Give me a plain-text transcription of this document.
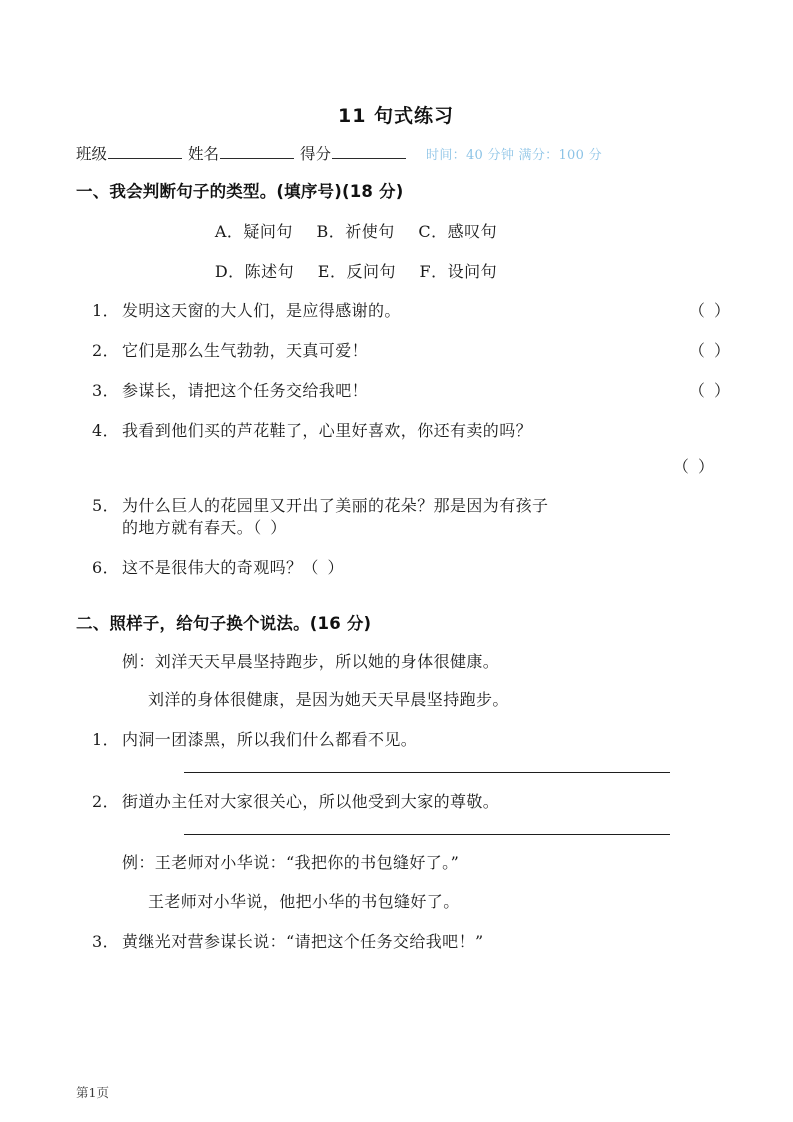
11 句式练习
班级	姓名	得分	时间：40 分钟 满分：100 分
一、我会判断句子的类型。(填序号)(18 分)
A．疑问句 B．祈使句 C．感叹句
D．陈述句 E．反问句 F．设问句
1． 发明这天窗的大人们，是应得感谢的。	（ ）
2． 它们是那么生气勃勃，天真可爱！	（ ）
3． 参谋长，请把这个任务交给我吧！	（ ）
4． 我看到他们买的芦花鞋了，心里好喜欢，你还有卖的吗？
（ ）
5． 为什么巨人的花园里又开出了美丽的花朵？那是因为有孩子
的地方就有春天。（ ）
6． 这不是很伟大的奇观吗？（ ）
二、照样子，给句子换个说法。(16 分)
例：刘洋天天早晨坚持跑步，所以她的身体很健康。
刘洋的身体很健康，是因为她天天早晨坚持跑步。
1． 内洞一团漆黑，所以我们什么都看不见。
2． 街道办主任对大家很关心，所以他受到大家的尊敬。
例：王老师对小华说：“我把你的书包缝好了。”
王老师对小华说，他把小华的书包缝好了。
3． 黄继光对营参谋长说：“请把这个任务交给我吧！”
第1页
